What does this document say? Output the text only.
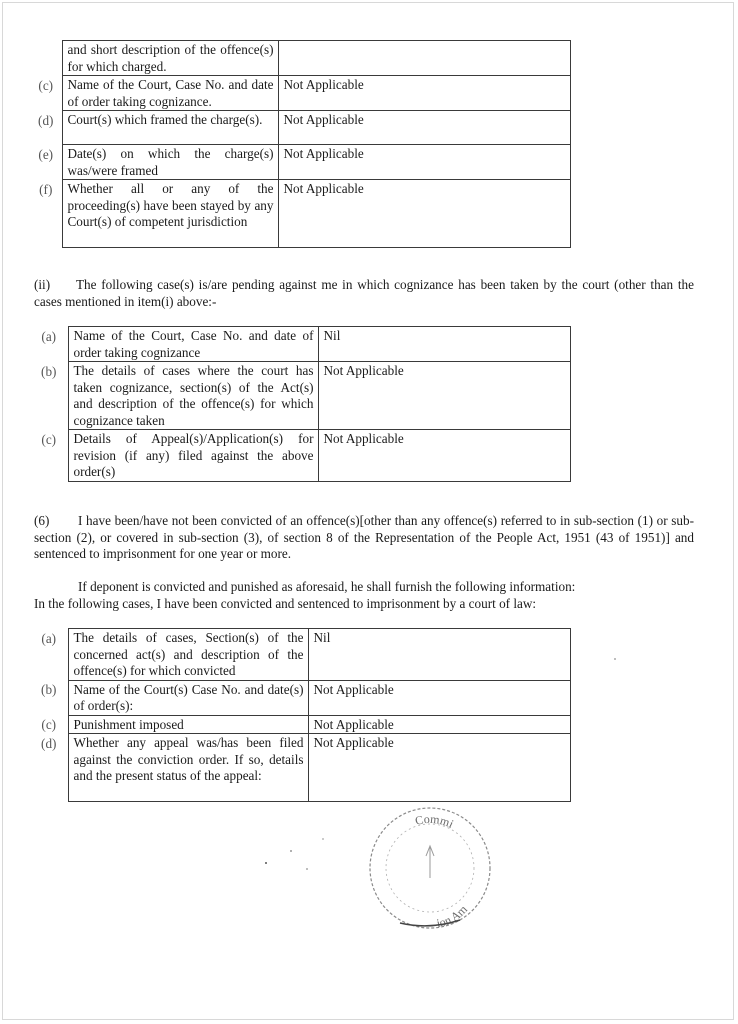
	and short description of the offence(s) for which charged.	
(c)	Name of the Court, Case No. and date of order taking cognizance.	Not Applicable
(d)	Court(s) which framed the charge(s).	Not Applicable
(e)	Date(s) on which the charge(s) was/were framed	Not Applicable
(f)	Whether all or any of the proceeding(s) have been stayed by any Court(s) of competent jurisdiction	Not Applicable
(ii) The following case(s) is/are pending against me in which cognizance has been taken by the court (other than the cases mentioned in item(i) above:-
(a)	Name of the Court, Case No. and date of order taking cognizance	Nil
(b)	The details of cases where the court has taken cognizance, section(s) of the Act(s) and description of the offence(s) for which cognizance taken	Not Applicable
(c)	Details of Appeal(s)/Application(s) for revision (if any) filed against the above order(s)	Not Applicable
(6) I have been/have not been convicted of an offence(s)[other than any offence(s) referred to in sub-section (1) or sub-section (2), or covered in sub-section (3), of section 8 of the Representation of the People Act, 1951 (43 of 1951)] and sentenced to imprisonment for one year or more.
If deponent is convicted and punished as aforesaid, he shall furnish the following information:
In the following cases, I have been convicted and sentenced to imprisonment by a court of law:
(a)	The details of cases, Section(s) of the concerned act(s) and description of the offence(s) for which convicted	Nil
(b)	Name of the Court(s) Case No. and date(s) of order(s):	Not Applicable
(c)	Punishment imposed	Not Applicable
(d)	Whether any appeal was/has been filed against the conviction order. If so, details and the present status of the appeal:	Not Applicable
Commi
ion Am
